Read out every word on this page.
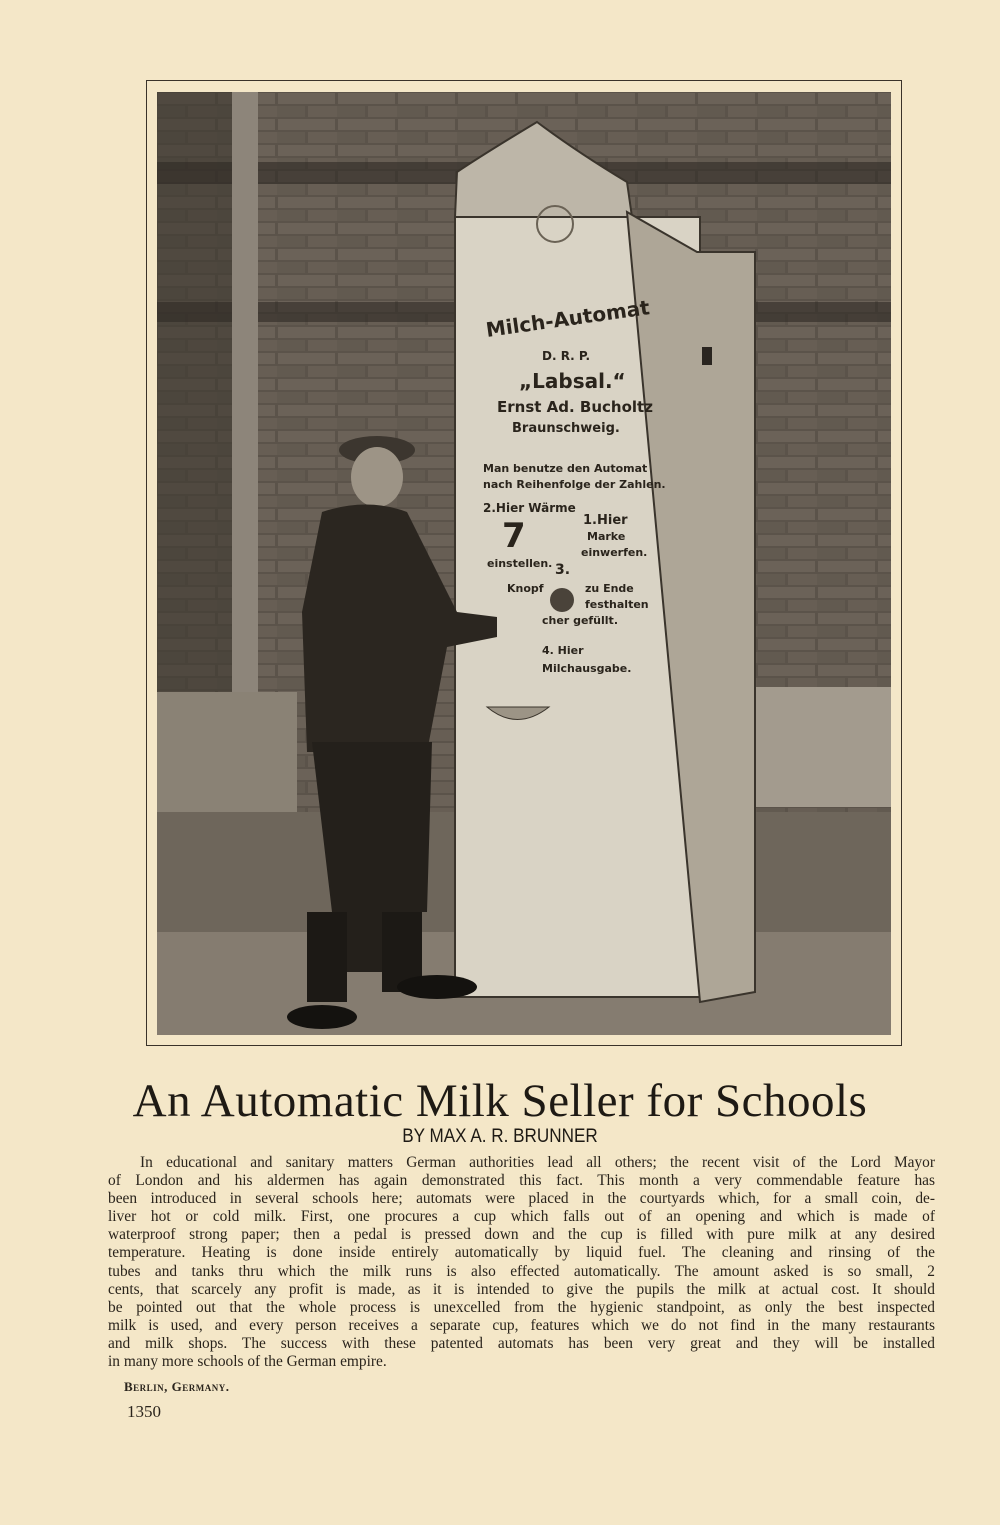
Milch-Automat
D. R. P.
„Labsal.“
Ernst Ad. Bucholtz
Braunschweig.
Man benutze den Automat
nach Reihenfolge der Zahlen.
2.Hier Wärme
7	1.Hier
Marke
einwerfen.
einstellen. 3.
Knopf	zu Ende
festhalten
cher gefüllt.
4. Hier
Milchausgabe.
An Automatic Milk Seller for Schools
BY MAX A. R. BRUNNER
In educational and sanitary matters German authorities lead all others; the recent visit of the Lord Mayor
of London and his aldermen has again demonstrated this fact. This month a very commendable feature has
been introduced in several schools here; automats were placed in the courtyards which, for a small coin, de-
liver hot or cold milk. First, one procures a cup which falls out of an opening and which is made of
waterproof strong paper; then a pedal is pressed down and the cup is filled with pure milk at any desired
temperature. Heating is done inside entirely automatically by liquid fuel. The cleaning and rinsing of the
tubes and tanks thru which the milk runs is also effected automatically. The amount asked is so small, 2
cents, that scarcely any profit is made, as it is intended to give the pupils the milk at actual cost. It should
be pointed out that the whole process is unexcelled from the hygienic standpoint, as only the best inspected
milk is used, and every person receives a separate cup, features which we do not find in the many restaurants
and milk shops. The success with these patented automats has been very great and they will be installed
in many more schools of the German empire.
Berlin, Germany.
1350
